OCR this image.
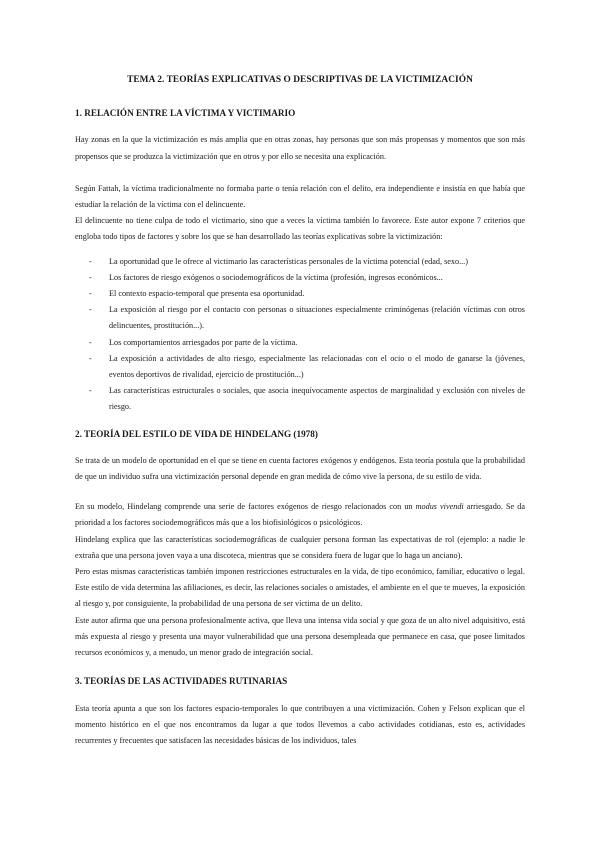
TEMA 2. TEORÍAS EXPLICATIVAS O DESCRIPTIVAS DE LA VICTIMIZACIÓN
1. RELACIÓN ENTRE LA VÍCTIMA Y VICTIMARIO

Hay zonas en la que la victimización es más amplia que en otras zonas, hay personas que son más propensas y momentos que son más propensos que se produzca la victimización que en otros y por ello se necesita una explicación.

Según Fattah, la víctima tradicionalmente no formaba parte o tenía relación con el delito, era independiente e insistía en que había que estudiar la relación de la víctima con el delincuente.

El delincuente no tiene culpa de todo el victimario, sino que a veces la víctima también lo favorece. Este autor expone 7 criterios que engloba todo tipos de factores y sobre los que se han desarrollado las teorías explicativas sobre la victimización:

- La oportunidad que le ofrece al victimario las características personales de la víctima potencial (edad, sexo...)
- Los factores de riesgo exógenos o sociodemográficos de la víctima (profesión, ingresos económicos...
- El contexto espacio-temporal que presenta esa oportunidad.
- La exposición al riesgo por el contacto con personas o situaciones especialmente criminógenas (relación víctimas con otros delincuentes, prostitución...).
- Los comportamientos arriesgados por parte de la víctima.
- La exposición a actividades de alto riesgo, especialmente las relacionadas con el ocio o el modo de ganarse la (jóvenes, eventos deportivos de rivalidad, ejercicio de prostitución...)
- Las características estructurales o sociales, que asocia inequívocamente aspectos de marginalidad y exclusión con niveles de riesgo.
2. TEORÍA DEL ESTILO DE VIDA DE HINDELANG (1978)

Se trata de un modelo de oportunidad en el que se tiene en cuenta factores exógenos y endógenos. Esta teoría postula que la probabilidad de que un individuo sufra una victimización personal depende en gran medida de cómo vive la persona, de su estilo de vida.

En su modelo, Hindelang comprende una serie de factores exógenos de riesgo relacionados con un modus vivendi arriesgado. Se da prioridad a los factores sociodemográficos más que a los biofisiológicos o psicológicos.

Hindelang explica que las características sociodemográficas de cualquier persona forman las expectativas de rol (ejemplo: a nadie le extraña que una persona joven vaya a una discoteca, mientras que se considera fuera de lugar que lo haga un anciano).

Pero estas mismas características también imponen restricciones estructurales en la vida, de tipo económico, familiar, educativo o legal. Este estilo de vida determina las afiliaciones, es decir, las relaciones sociales o amistades, el ambiente en el que te mueves, la exposición al riesgo y, por consiguiente, la probabilidad de una persona de ser víctima de un delito.

Este autor afirma que una persona profesionalmente activa, que lleva una intensa vida social y que goza de un alto nivel adquisitivo, está más expuesta al riesgo y presenta una mayor vulnerabilidad que una persona desempleada que permanece en casa, que posee limitados recursos económicos y, a menudo, un menor grado de integración social.

3. TEORÍAS DE LAS ACTIVIDADES RUTINARIAS

Esta teoría apunta a que son los factores espacio-temporales lo que contribuyen a una victimización. Cohen y Felson explican que el momento histórico en el que nos encontramos da lugar a que todos llevemos a cabo actividades cotidianas, esto es, actividades recurrentes y frecuentes que satisfacen las necesidades básicas de los individuos, tales
